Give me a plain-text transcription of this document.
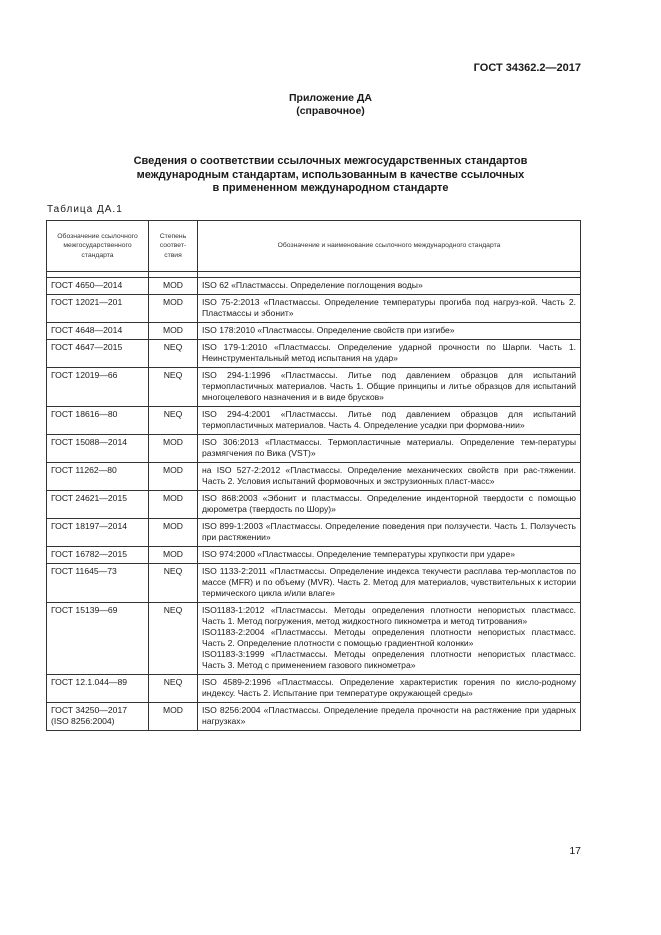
ГОСТ 34362.2—2017
Приложение ДА
(справочное)
Сведения о соответствии ссылочных межгосударственных стандартов
международным стандартам, использованным в качестве ссылочных
в примененном международном стандарте
Таблица ДА.1
Обозначение ссылочного межгосударственного стандарта	Степень соответ-ствия	Обозначение и наименование ссылочного международного стандарта

ГОСТ 4650—2014	MOD	ISO 62 «Пластмассы. Определение поглощения воды»

ГОСТ 12021—201	MOD	ISO 75-2:2013 «Пластмассы. Определение температуры прогиба под нагруз-кой. Часть 2. Пластмассы и эбонит»

ГОСТ 4648—2014	MOD	ISO 178:2010 «Пластмассы. Определение свойств при изгибе»

ГОСТ 4647—2015	NEQ	ISO 179-1:2010 «Пластмассы. Определение ударной прочности по Шарпи. Часть 1. Неинструментальный метод испытания на удар»

ГОСТ 12019—66	NEQ	ISO 294-1:1996 «Пластмассы. Литье под давлением образцов для испытаний термопластичных материалов. Часть 1. Общие принципы и литье образцов для испытаний многоцелевого назначения и в виде брусков»

ГОСТ 18616—80	NEQ	ISO 294-4:2001 «Пластмассы. Литье под давлением образцов для испытаний термопластичных материалов. Часть 4. Определение усадки при формова-нии»

ГОСТ 15088—2014	MOD	ISO 306:2013 «Пластмассы. Термопластичные материалы. Определение тем-пературы размягчения по Вика (VST)»

ГОСТ 11262—80	MOD	на ISO 527-2:2012 «Пластмассы. Определение механических свойств при рас-тяжении. Часть 2. Условия испытаний формовочных и экструзионных пласт-масс»

ГОСТ 24621—2015	MOD	ISO 868:2003 «Эбонит и пластмассы. Определение инденторной твердости с помощью дюрометра (твердость по Шору)»

ГОСТ 18197—2014	MOD	ISO 899-1:2003 «Пластмассы. Определение поведения при ползучести. Часть 1. Ползучесть при растяжении»

ГОСТ 16782—2015	MOD	ISO 974:2000 «Пластмассы. Определение температуры хрупкости при ударе»

ГОСТ 11645—73	NEQ	ISO 1133-2:2011 «Пластмассы. Определение индекса текучести расплава тер-мопластов по массе (MFR) и по объему (MVR). Часть 2. Метод для материалов, чувствительных к истории термического цикла и/или влаге»

ГОСТ 15139—69	NEQ	ISO1183-1:2012 «Пластмассы. Методы определения плотности непористых пластмасс. Часть 1. Метод погружения, метод жидкостного пикнометра и метод титрования»
ISO1183-2:2004 «Пластмассы. Методы определения плотности непористых пластмасс. Часть 2. Определение плотности с помощью градиентной колонки»
ISO1183-3:1999 «Пластмассы. Методы определения плотности непористых пластмасс. Часть 3. Метод с применением газового пикнометра»

ГОСТ 12.1.044—89	NEQ	ISO 4589-2:1996 «Пластмассы. Определение характеристик горения по кисло-родному индексу. Часть 2. Испытание при температуре окружающей среды»

ГОСТ 34250—2017 (ISO 8256:2004)	MOD	ISO 8256:2004 «Пластмассы. Определение предела прочности на растяжение при ударных нагрузках»
17
